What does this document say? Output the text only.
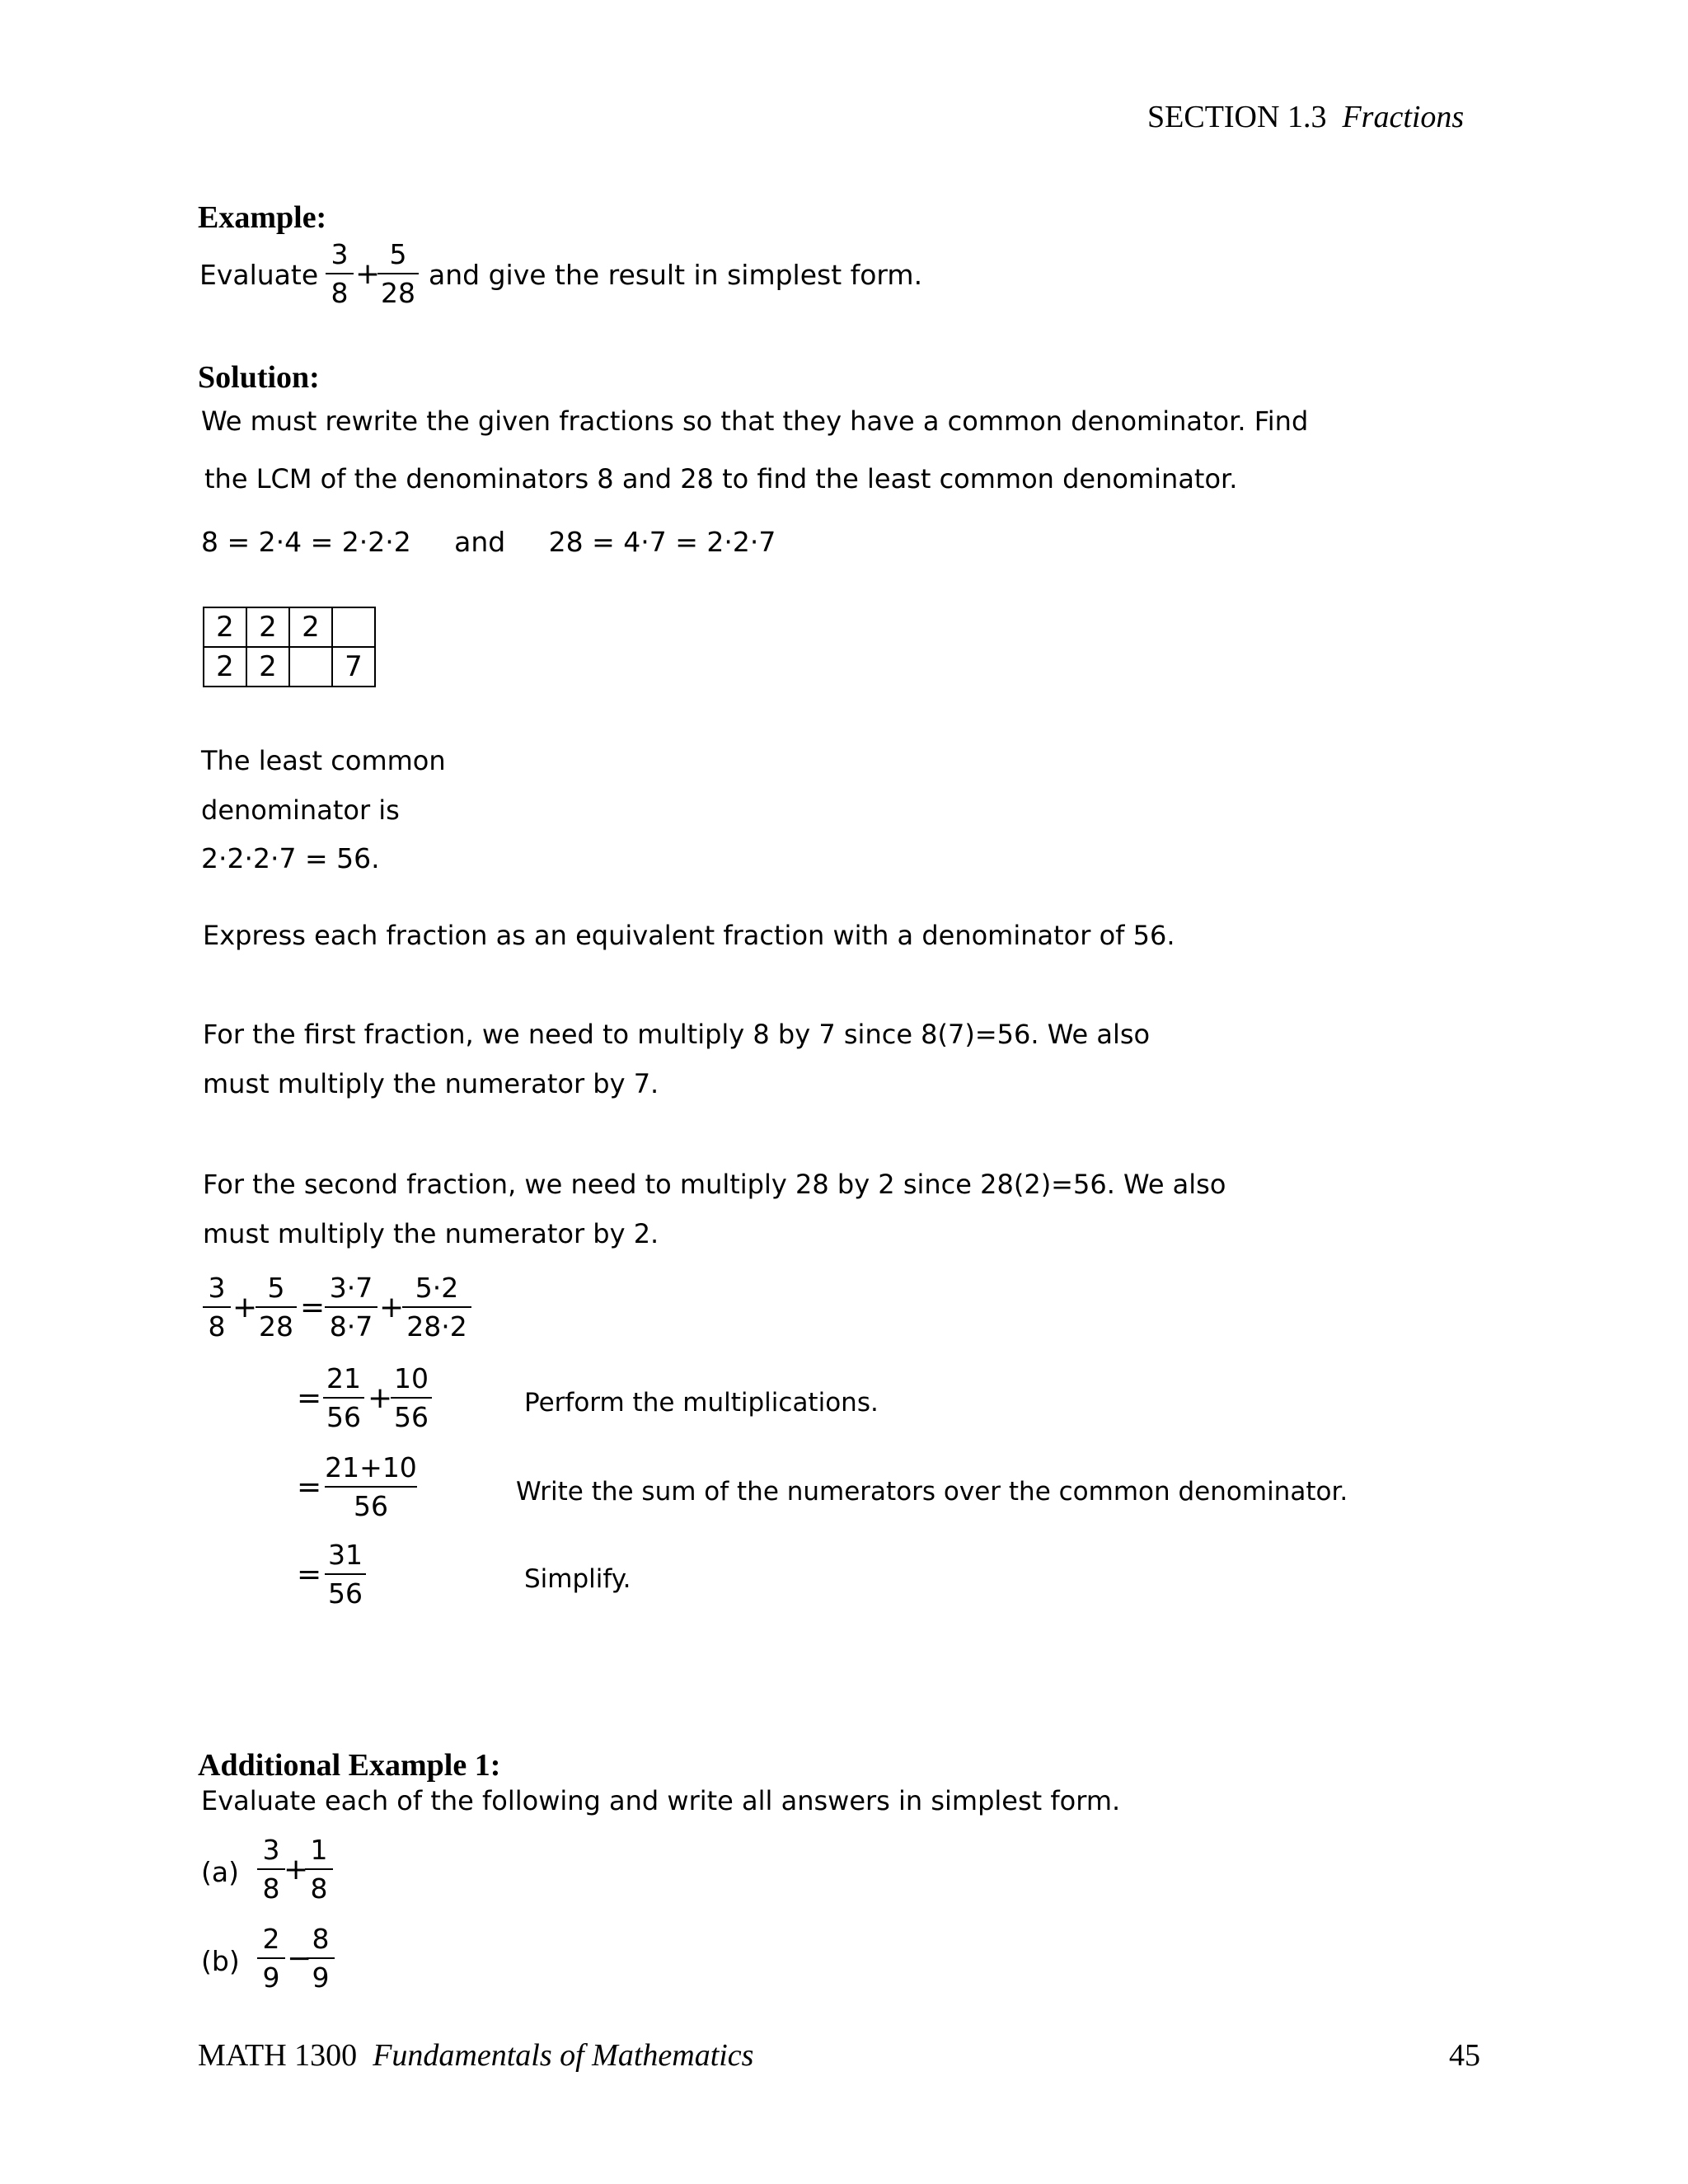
SECTION 1.3 Fractions
Example:
Evaluate
3
8
+
5
28
and give the result in simplest form.
Solution:
We must rewrite the given fractions so that they have a common denominator. Find
the LCM of the denominators 8 and 28 to find the least common denominator.
8 = 2·4 = 2·2·2     and     28 = 4·7 = 2·2·7
2	2	2	
2	2		7
The least common
denominator is
2·2·2·7 = 56.
Express each fraction as an equivalent fraction with a denominator of 56.
For the first fraction, we need to multiply 8 by 7 since 8(7)=56. We also
must multiply the numerator by 7.
For the second fraction, we need to multiply 28 by 2 since 28(2)=56. We also
must multiply the numerator by 2.
3
8
+
5
28
=
3·7
8·7
+
5·2
28·2
=
21
56
+
10
56	Perform the multiplications.
=
21+10
56	Write the sum of the numerators over the common denominator.
=
31
56	Simplify.
Additional Example 1:
Evaluate each of the following and write all answers in simplest form.
(a)
3
8
+
1
8
(b)
2
9
−
8
9
MATH 1300 Fundamentals of Mathematics	45
